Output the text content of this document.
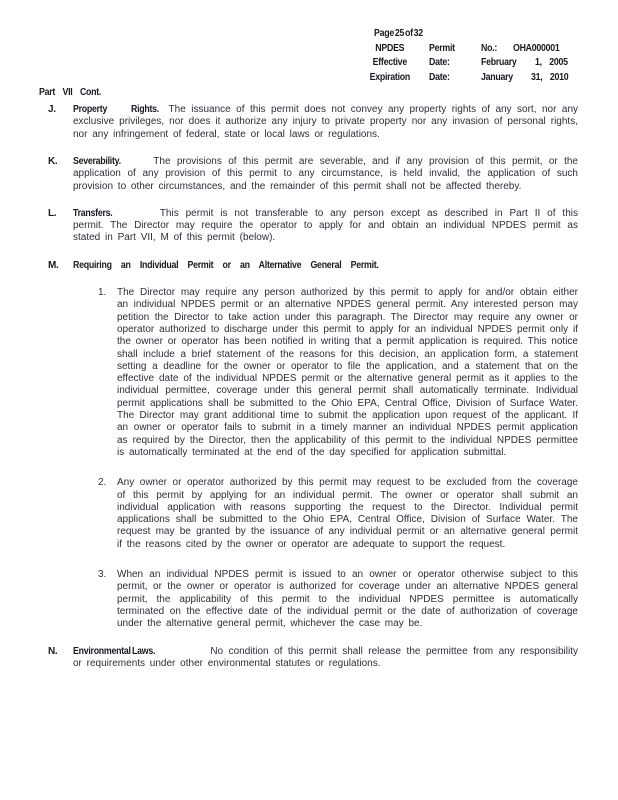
Page 25 of 32
NPDES	Permit	No.: OHA000001
Effective	Date:	February 1, 2005
Expiration	Date:	January 31, 2010
Part VII Cont.
J.	Property Rights. The issuance of this permit does not convey any property rights of any sort, nor any exclusive privileges, nor does it authorize any injury to private property nor any invasion of personal rights, nor any infringement of federal, state or local laws or regulations.
K.	Severability.	The provisions of this permit are severable, and if any provision of this permit, or the application of any provision of this permit to any circumstance, is held invalid, the application of such provision to other circumstances, and the remainder of this permit shall not be affected thereby.
L.	Transfers.	This permit is not transferable to any person except as described in Part II of this permit. The Director may require the operator to apply for and obtain an individual NPDES permit as stated in Part VII, M of this permit (below).
M.	Requiring an Individual Permit or an Alternative General Permit.
1.	The Director may require any person authorized by this permit to apply for and/or obtain either an individual NPDES permit or an alternative NPDES general permit. Any interested person may petition the Director to take action under this paragraph. The Director may require any owner or operator authorized to discharge under this permit to apply for an individual NPDES permit only if the owner or operator has been notified in writing that a permit application is required. This notice shall include a brief statement of the reasons for this decision, an application form, a statement setting a deadline for the owner or operator to file the application, and a statement that on the effective date of the individual NPDES permit or the alternative general permit as it applies to the individual permittee, coverage under this general permit shall automatically terminate. Individual permit applications shall be submitted to the Ohio EPA, Central Office, Division of Surface Water. The Director may grant additional time to submit the application upon request of the applicant. If an owner or operator fails to submit in a timely manner an individual NPDES permit application as required by the Director, then the applicability of this permit to the individual NPDES permittee is automatically terminated at the end of the day specified for application submittal.
2.	Any owner or operator authorized by this permit may request to be excluded from the coverage of this permit by applying for an individual permit. The owner or operator shall submit an individual application with reasons supporting the request to the Director. Individual permit applications shall be submitted to the Ohio EPA, Central Office, Division of Surface Water. The request may be granted by the issuance of any individual permit or an alternative general permit if the reasons cited by the owner or operator are adequate to support the request.
3.	When an individual NPDES permit is issued to an owner or operator otherwise subject to this permit, or the owner or operator is authorized for coverage under an alternative NPDES general permit, the applicability of this permit to the individual NPDES permittee is automatically terminated on the effective date of the individual permit or the date of authorization of coverage under the alternative general permit, whichever the case may be.
N.	Environmental Laws.	No condition of this permit shall release the permittee from any responsibility or requirements under other environmental statutes or regulations.
